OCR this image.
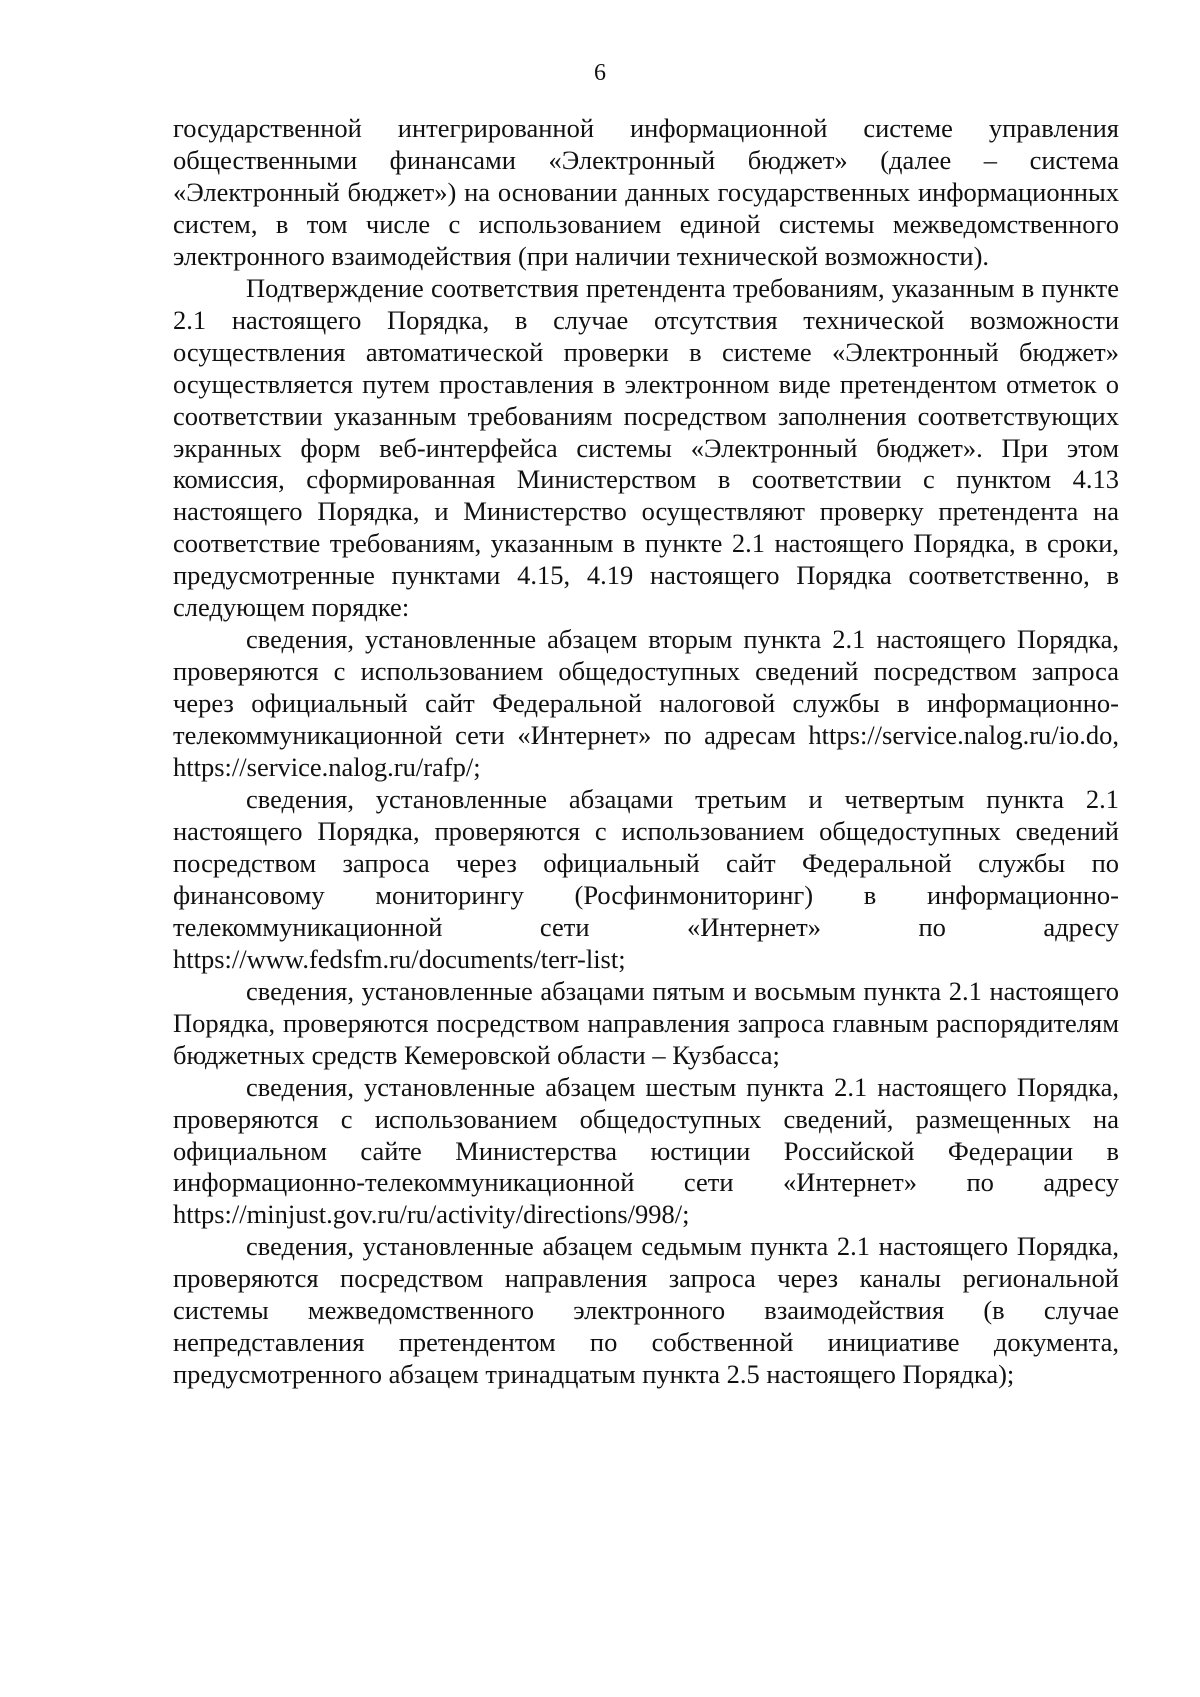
6

государственной интегрированной информационной системе управления общественными финансами «Электронный бюджет» (далее – система «Электронный бюджет») на основании данных государственных информационных систем, в том числе с использованием единой системы межведомственного электронного взаимодействия (при наличии технической возможности).

Подтверждение соответствия претендента требованиям, указанным в пункте 2.1 настоящего Порядка, в случае отсутствия технической возможности осуществления автоматической проверки в системе «Электронный бюджет» осуществляется путем проставления в электронном виде претендентом отметок о соответствии указанным требованиям посредством заполнения соответствующих экранных форм веб-интерфейса системы «Электронный бюджет». При этом комиссия, сформированная Министерством в соответствии с пунктом 4.13 настоящего Порядка, и Министерство осуществляют проверку претендента на соответствие требованиям, указанным в пункте 2.1 настоящего Порядка, в сроки, предусмотренные пунктами 4.15, 4.19 настоящего Порядка соответственно, в следующем порядке:

сведения, установленные абзацем вторым пункта 2.1 настоящего Порядка, проверяются с использованием общедоступных сведений посредством запроса через официальный сайт Федеральной налоговой службы в информационно-телекоммуникационной сети «Интернет» по адресам https://service.nalog.ru/io.do, https://service.nalog.ru/rafp/;

сведения, установленные абзацами третьим и четвертым пункта 2.1 настоящего Порядка, проверяются с использованием общедоступных сведений посредством запроса через официальный сайт Федеральной службы по финансовому мониторингу (Росфинмониторинг) в информационно-телекоммуникационной сети «Интернет» по адресу https://www.fedsfm.ru/documents/terr-list;

сведения, установленные абзацами пятым и восьмым пункта 2.1 настоящего Порядка, проверяются посредством направления запроса главным распорядителям бюджетных средств Кемеровской области – Кузбасса;

сведения, установленные абзацем шестым пункта 2.1 настоящего Порядка, проверяются с использованием общедоступных сведений, размещенных на официальном сайте Министерства юстиции Российской Федерации в информационно-телекоммуникационной сети «Интернет» по адресу https://minjust.gov.ru/ru/activity/directions/998/;

сведения, установленные абзацем седьмым пункта 2.1 настоящего Порядка, проверяются посредством направления запроса через каналы региональной системы межведомственного электронного взаимодействия (в случае непредставления претендентом по собственной инициативе документа, предусмотренного абзацем тринадцатым пункта 2.5 настоящего Порядка);
